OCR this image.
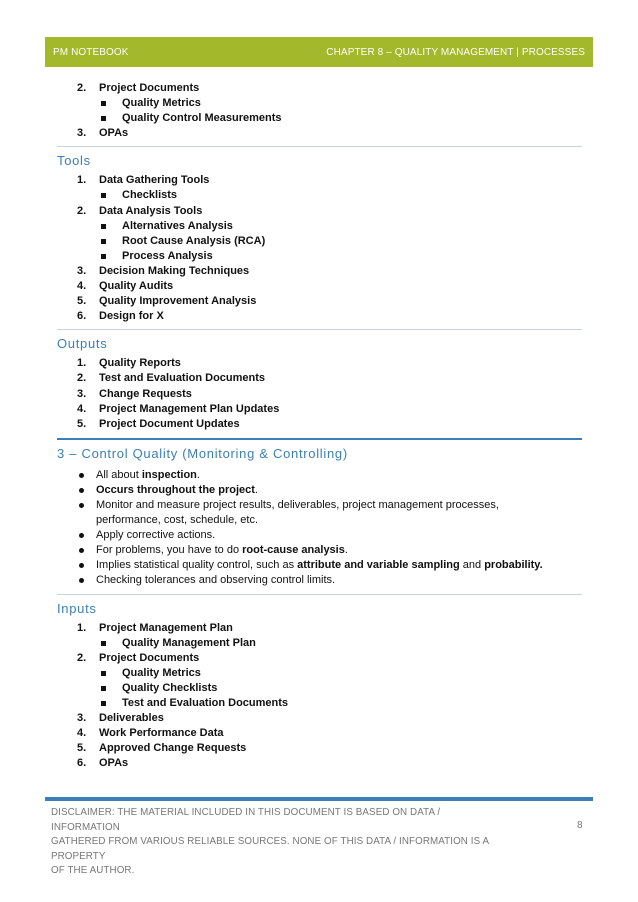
PM NOTEBOOK	CHAPTER 8 – QUALITY MANAGEMENT | PROCESSES
2. Project Documents
Quality Metrics
Quality Control Measurements
3. OPAs
Tools
1. Data Gathering Tools
Checklists
2. Data Analysis Tools
Alternatives Analysis
Root Cause Analysis (RCA)
Process Analysis
3. Decision Making Techniques
4. Quality Audits
5. Quality Improvement Analysis
6. Design for X
Outputs
1. Quality Reports
2. Test and Evaluation Documents
3. Change Requests
4. Project Management Plan Updates
5. Project Document Updates
3 – Control Quality (Monitoring & Controlling)
All about inspection.
Occurs throughout the project.
Monitor and measure project results, deliverables, project management processes,
performance, cost, schedule, etc.
Apply corrective actions.
For problems, you have to do root-cause analysis.
Implies statistical quality control, such as attribute and variable sampling and probability.
Checking tolerances and observing control limits.
Inputs
1. Project Management Plan
Quality Management Plan
2. Project Documents
Quality Metrics
Quality Checklists
Test and Evaluation Documents
3. Deliverables
4. Work Performance Data
5. Approved Change Requests
6. OPAs
DISCLAIMER: THE MATERIAL INCLUDED IN THIS DOCUMENT IS BASED ON DATA / INFORMATION
GATHERED FROM VARIOUS RELIABLE SOURCES. NONE OF THIS DATA / INFORMATION IS A PROPERTY
OF THE AUTHOR.
8
